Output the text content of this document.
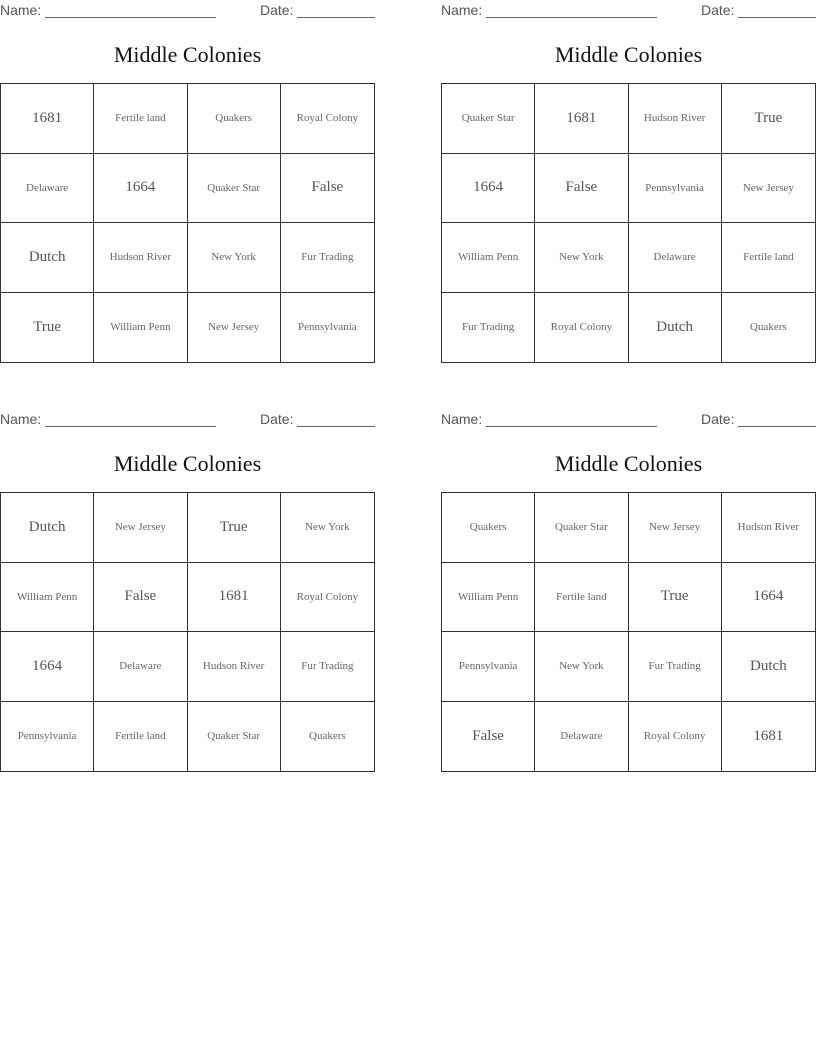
Name:	Date:
Middle Colonies
1681	Fertile land	Quakers	Royal Colony
Delaware	1664	Quaker Star	False
Dutch	Hudson River	New York	Fur Trading
True	William Penn	New Jersey	Pennsylvania
Name:	Date:
Middle Colonies
Quaker Star	1681	Hudson River	True
1664	False	Pennsylvania	New Jersey
William Penn	New York	Delaware	Fertile land
Fur Trading	Royal Colony	Dutch	Quakers
Name:	Date:
Middle Colonies
Dutch	New Jersey	True	New York
William Penn	False	1681	Royal Colony
1664	Delaware	Hudson River	Fur Trading
Pennsylvania	Fertile land	Quaker Star	Quakers
Name:	Date:
Middle Colonies
Quakers	Quaker Star	New Jersey	Hudson River
William Penn	Fertile land	True	1664
Pennsylvania	New York	Fur Trading	Dutch
False	Delaware	Royal Colony	1681
